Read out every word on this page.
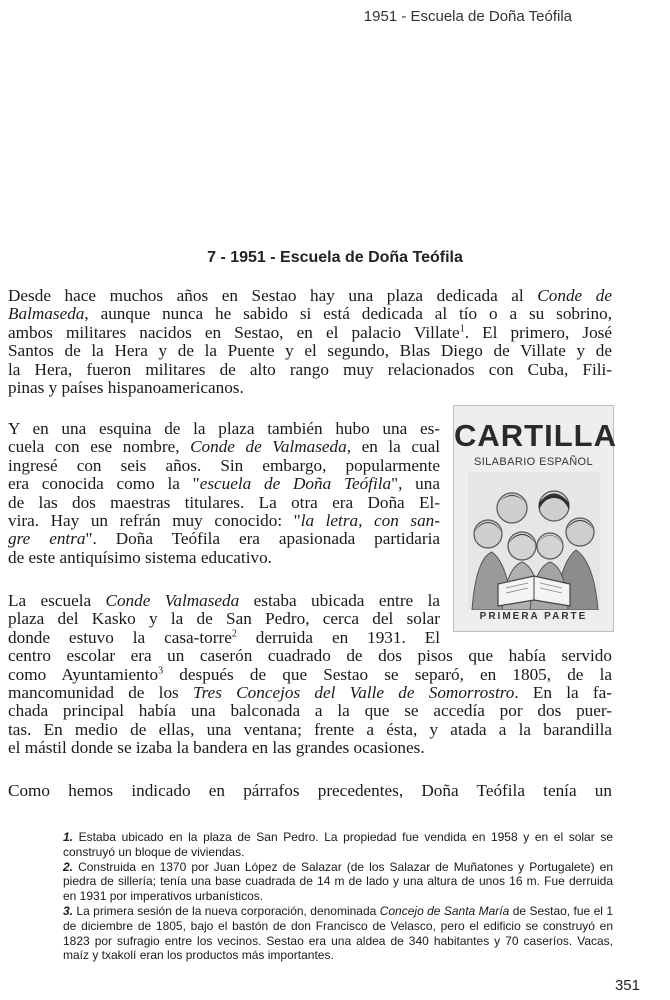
1951 - Escuela de Doña Teófila
7 - 1951 - Escuela de Doña Teófila
Desde hace muchos años en Sestao hay una plaza dedicada al Conde de
Balmaseda, aunque nunca he sabido si está dedicada al tío o a su sobrino,
ambos militares nacidos en Sestao, en el palacio Villate$^1$. El primero, José
Santos de la Hera y de la Puente y el segundo, Blas Diego de Villate y de
la Hera, fueron militares de alto rango muy relacionados con Cuba, Fili-
pinas y países hispanoamericanos.
Y en una esquina de la plaza también hubo una es-
cuela con ese nombre, Conde de Valmaseda, en la cual
ingresé con seis años. Sin embargo, popularmente
era conocida como la "escuela de Doña Teófila", una
de las dos maestras titulares. La otra era Doña El-
vira. Hay un refrán muy conocido: "la letra, con san-
gre entra". Doña Teófila era apasionada partidaria
de este antiquísimo sistema educativo.
CARTILLA
SILABARIO ESPAÑOL
PRIMERA PARTE
La escuela Conde Valmaseda estaba ubicada entre la
plaza del Kasko y la de San Pedro, cerca del solar
donde estuvo la casa-torre$^2$ derruida en 1931. El
centro escolar era un caserón cuadrado de dos pisos que había servido
como Ayuntamiento$^3$ después de que Sestao se separó, en 1805, de la
mancomunidad de los Tres Concejos del Valle de Somorrostro. En la fa-
chada principal había una balconada a la que se accedía por dos puer-
tas. En medio de ellas, una ventana; frente a ésta, y atada a la barandilla
el mástil donde se izaba la bandera en las grandes ocasiones.
Como hemos indicado en párrafos precedentes, Doña Teófila tenía un
1. Estaba ubicado en la plaza de San Pedro. La propiedad fue vendida en 1958 y en el solar se construyó un bloque de viviendas.
2. Construida en 1370 por Juan López de Salazar (de los Salazar de Muñatones y Portugalete) en piedra de sillería; tenía una base cuadrada de 14 m de lado y una altura de unos 16 m. Fue derruida en 1931 por imperativos urbanísticos.
3. La primera sesión de la nueva corporación, denominada Concejo de Santa María de Sestao, fue el 1 de diciembre de 1805, bajo el bastón de don Francisco de Velasco, pero el edificio se construyó en 1823 por sufragio entre los vecinos. Sestao era una aldea de 340 habitantes y 70 caseríos. Vacas, maíz y txakolí eran los productos más importantes.
351
